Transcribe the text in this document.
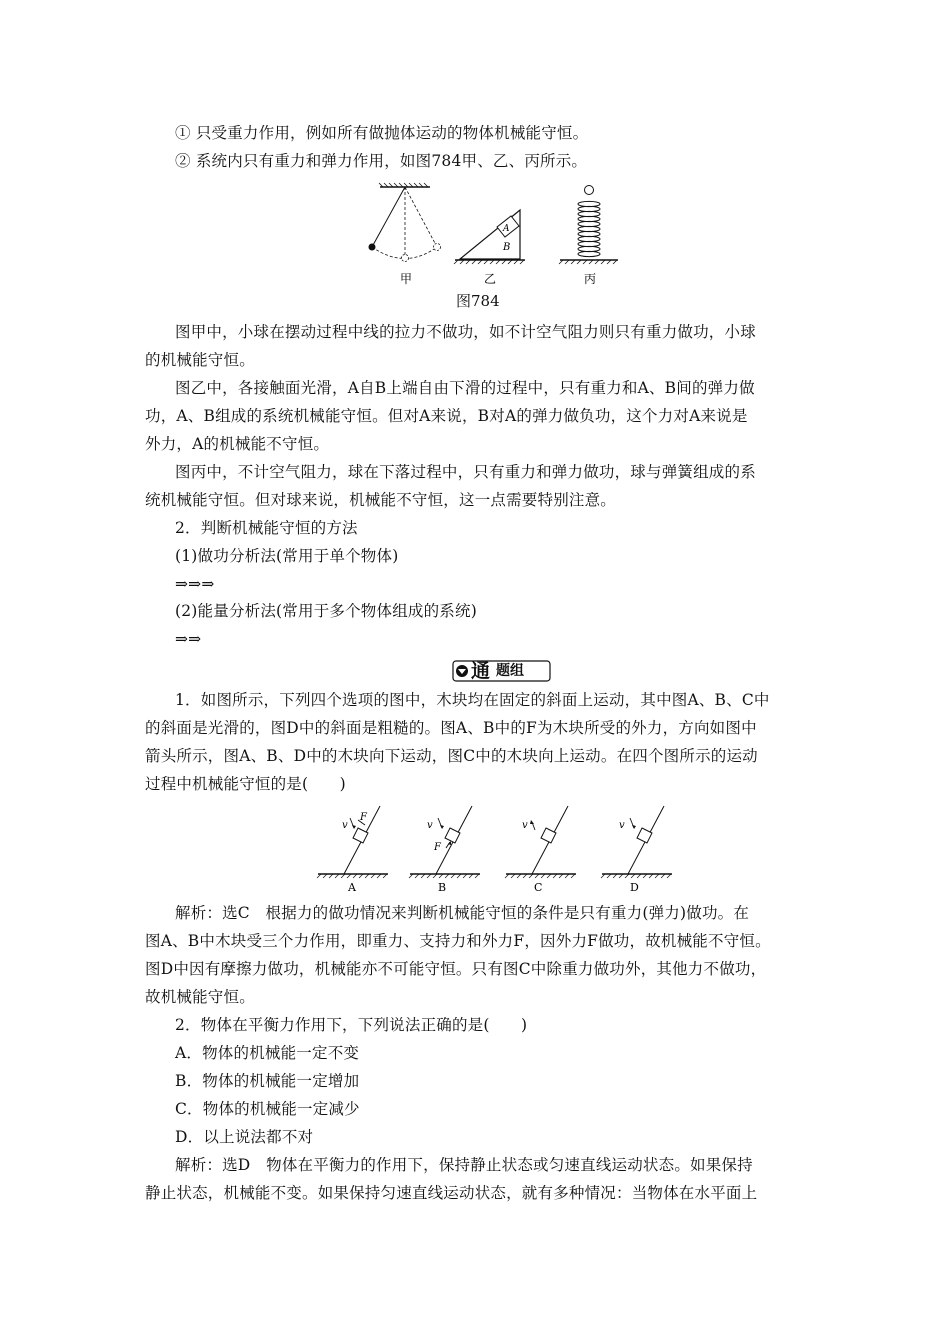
① 只受重力作用，例如所有做抛体运动的物体机械能守恒。
② 系统内只有重力和弹力作用，如图784甲、乙、丙所示。
甲
A
B
乙	丙
图784
图甲中，小球在摆动过程中线的拉力不做功，如不计空气阻力则只有重力做功，小球
的机械能守恒。
图乙中，各接触面光滑，A自B上端自由下滑的过程中，只有重力和A、B间的弹力做
功，A、B组成的系统机械能守恒。但对A来说，B对A的弹力做负功，这个力对A来说是
外力，A的机械能不守恒。
图丙中，不计空气阻力，球在下落过程中，只有重力和弹力做功，球与弹簧组成的系
统机械能守恒。但对球来说，机械能不守恒，这一点需要特别注意。
2．判断机械能守恒的方法
(1)做功分析法(常用于单个物体)
⇒⇒⇒
(2)能量分析法(常用于多个物体组成的系统)
⇒⇒
通 题组
1．如图所示，下列四个选项的图中，木块均在固定的斜面上运动，其中图A、B、C中
的斜面是光滑的，图D中的斜面是粗糙的。图A、B中的F为木块所受的外力，方向如图中
箭头所示，图A、B、D中的木块向下运动，图C中的木块向上运动。在四个图所示的运动
过程中机械能守恒的是(　　)
F
v
A
F
v
B
v
C
v
D
解析：选C　根据力的做功情况来判断机械能守恒的条件是只有重力(弹力)做功。在
图A、B中木块受三个力作用，即重力、支持力和外力F，因外力F做功，故机械能不守恒。
图D中因有摩擦力做功，机械能亦不可能守恒。只有图C中除重力做功外，其他力不做功，
故机械能守恒。
2．物体在平衡力作用下，下列说法正确的是(　　)
A．物体的机械能一定不变
B．物体的机械能一定增加
C．物体的机械能一定减少
D．以上说法都不对
解析：选D　物体在平衡力的作用下，保持静止状态或匀速直线运动状态。如果保持
静止状态，机械能不变。如果保持匀速直线运动状态，就有多种情况：当物体在水平面上
